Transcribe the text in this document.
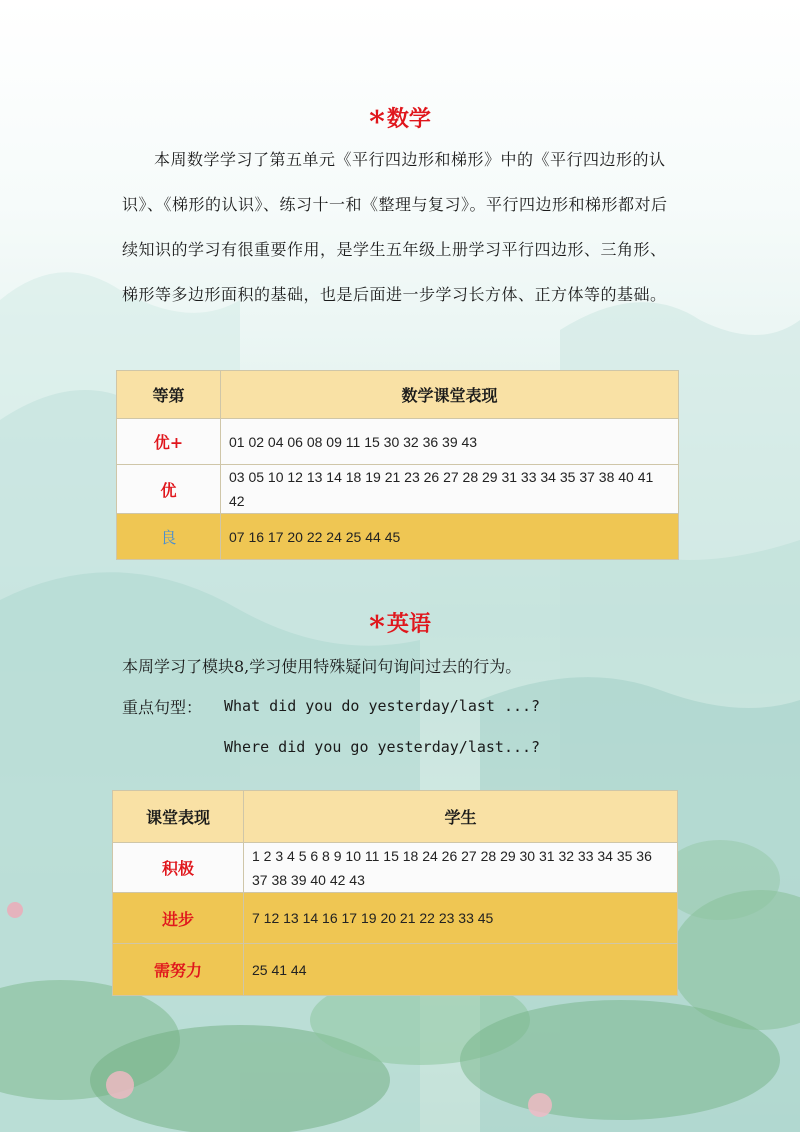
*数学

本周数学学习了第五单元《平行四边形和梯形》中的《平行四边形的认识》、《梯形的认识》、练习十一和《整理与复习》。平行四边形和梯形都对后续知识的学习有很重要作用，是学生五年级上册学习平行四边形、三角形、梯形等多边形面积的基础，也是后面进一步学习长方体、正方体等的基础。

等第	数学课堂表现
优+	01 02 04 06 08 09 11 15 30 32 36 39 43
优	03 05 10 12 13 14 18 19 21 23 26 27 28 29 31 33 34 35 37 38 40 41 42
良	07 16 17 20 22 24 25 44 45
*英语
本周学习了模块8,学习使用特殊疑问句询问过去的行为。
重点句型： What did you do yesterday/last ...?
Where did you go yesterday/last...?
课堂表现	学生
积极	1 2 3 4 5 6 8 9 10 11 15 18 24 26 27 28 29 30 31 32 33 34 35 36 37 38 39 40 42 43
进步	7 12 13 14 16 17 19 20 21 22 23 33 45
需努力	25 41 44
